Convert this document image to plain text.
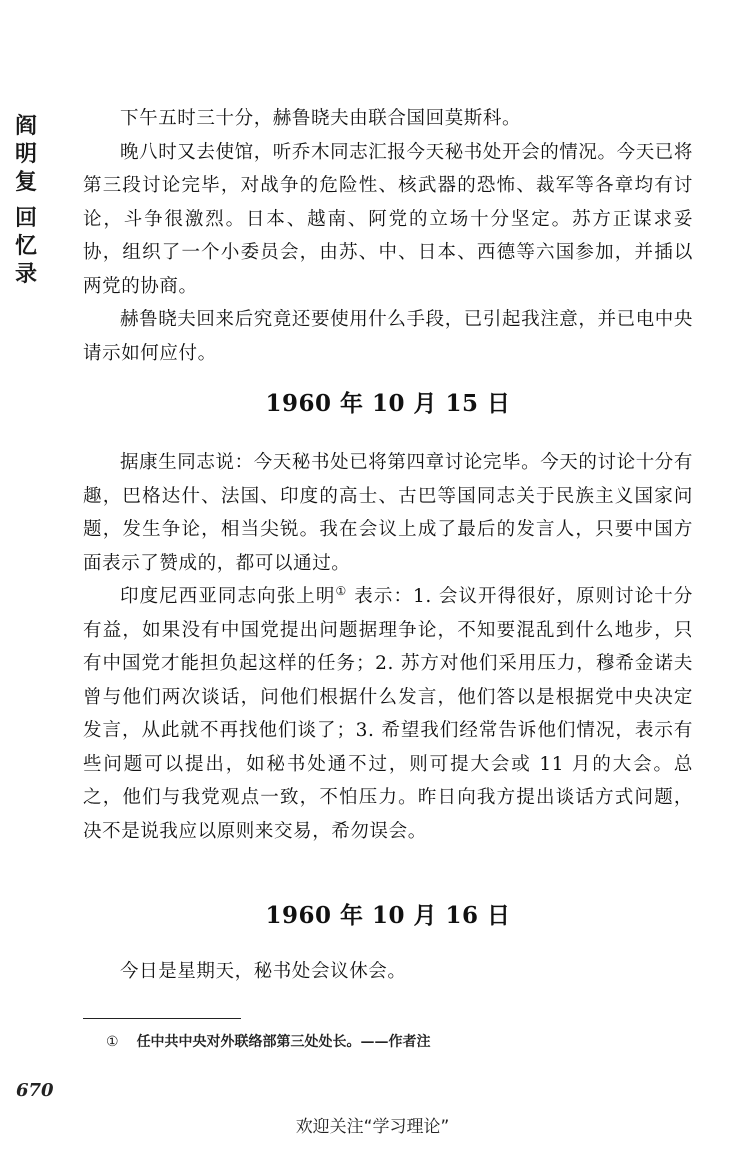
阎
明
复
回
忆
录

下午五时三十分，赫鲁晓夫由联合国回莫斯科。

晚八时又去使馆，听乔木同志汇报今天秘书处开会的情况。今天已将第三段讨论完毕，对战争的危险性、核武器的恐怖、裁军等各章均有讨论，斗争很激烈。日本、越南、阿党的立场十分坚定。苏方正谋求妥协，组织了一个小委员会，由苏、中、日本、西德等六国参加，并插以两党的协商。

赫鲁晓夫回来后究竟还要使用什么手段，已引起我注意，并已电中央请示如何应付。

1960 年 10 月 15 日

据康生同志说：今天秘书处已将第四章讨论完毕。今天的讨论十分有趣，巴格达什、法国、印度的高士、古巴等国同志关于民族主义国家问题，发生争论，相当尖锐。我在会议上成了最后的发言人，只要中国方面表示了赞成的，都可以通过。

印度尼西亚同志向张上明① 表示：1. 会议开得很好，原则讨论十分有益，如果没有中国党提出问题据理争论，不知要混乱到什么地步，只有中国党才能担负起这样的任务；2. 苏方对他们采用压力，穆希金诺夫曾与他们两次谈话，问他们根据什么发言，他们答以是根据党中央决定发言，从此就不再找他们谈了；3. 希望我们经常告诉他们情况，表示有些问题可以提出，如秘书处通不过，则可提大会或 11 月的大会。总之，他们与我党观点一致，不怕压力。昨日向我方提出谈话方式问题，决不是说我应以原则来交易，希勿误会。

1960 年 10 月 16 日

今日是星期天，秘书处会议休会。

① 任中共中央对外联络部第三处处长。——作者注
670
欢迎关注“学习理论”
